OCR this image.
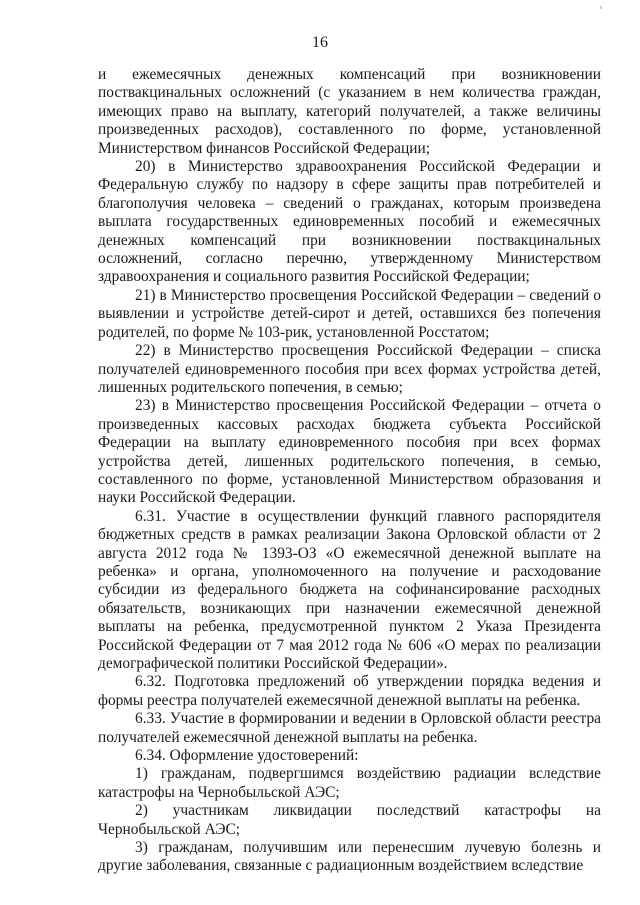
16

и ежемесячных денежных компенсаций при возникновении поствакцинальных осложнений (с указанием в нем количества граждан, имеющих право на выплату, категорий получателей, а также величины произведенных расходов), составленного по форме, установленной Министерством финансов Российской Федерации;

20) в Министерство здравоохранения Российской Федерации и Федеральную службу по надзору в сфере защиты прав потребителей и благополучия человека – сведений о гражданах, которым произведена выплата государственных единовременных пособий и ежемесячных денежных компенсаций при возникновении поствакцинальных осложнений, согласно перечню, утвержденному Министерством здравоохранения и социального развития Российской Федерации;

21) в Министерство просвещения Российской Федерации – сведений о выявлении и устройстве детей-сирот и детей, оставшихся без попечения родителей, по форме № 103-рик, установленной Росстатом;

22) в Министерство просвещения Российской Федерации – списка получателей единовременного пособия при всех формах устройства детей, лишенных родительского попечения, в семью;

23) в Министерство просвещения Российской Федерации – отчета о произведенных кассовых расходах бюджета субъекта Российской Федерации на выплату единовременного пособия при всех формах устройства детей, лишенных родительского попечения, в семью, составленного по форме, установленной Министерством образования и науки Российской Федерации.

6.31. Участие в осуществлении функций главного распорядителя бюджетных средств в рамках реализации Закона Орловской области от 2 августа 2012 года № 1393-ОЗ «О ежемесячной денежной выплате на ребенка» и органа, уполномоченного на получение и расходование субсидии из федерального бюджета на софинансирование расходных обязательств, возникающих при назначении ежемесячной денежной выплаты на ребенка, предусмотренной пунктом 2 Указа Президента Российской Федерации от 7 мая 2012 года № 606 «О мерах по реализации демографической политики Российской Федерации».

6.32. Подготовка предложений об утверждении порядка ведения и формы реестра получателей ежемесячной денежной выплаты на ребенка.

6.33. Участие в формировании и ведении в Орловской области реестра получателей ежемесячной денежной выплаты на ребенка.

6.34. Оформление удостоверений:

1) гражданам, подвергшимся воздействию радиации вследствие катастрофы на Чернобыльской АЭС;

2) участникам ликвидации последствий катастрофы на Чернобыльской АЭС;

3) гражданам, получившим или перенесшим лучевую болезнь и другие заболевания, связанные с радиационным воздействием вследствие
